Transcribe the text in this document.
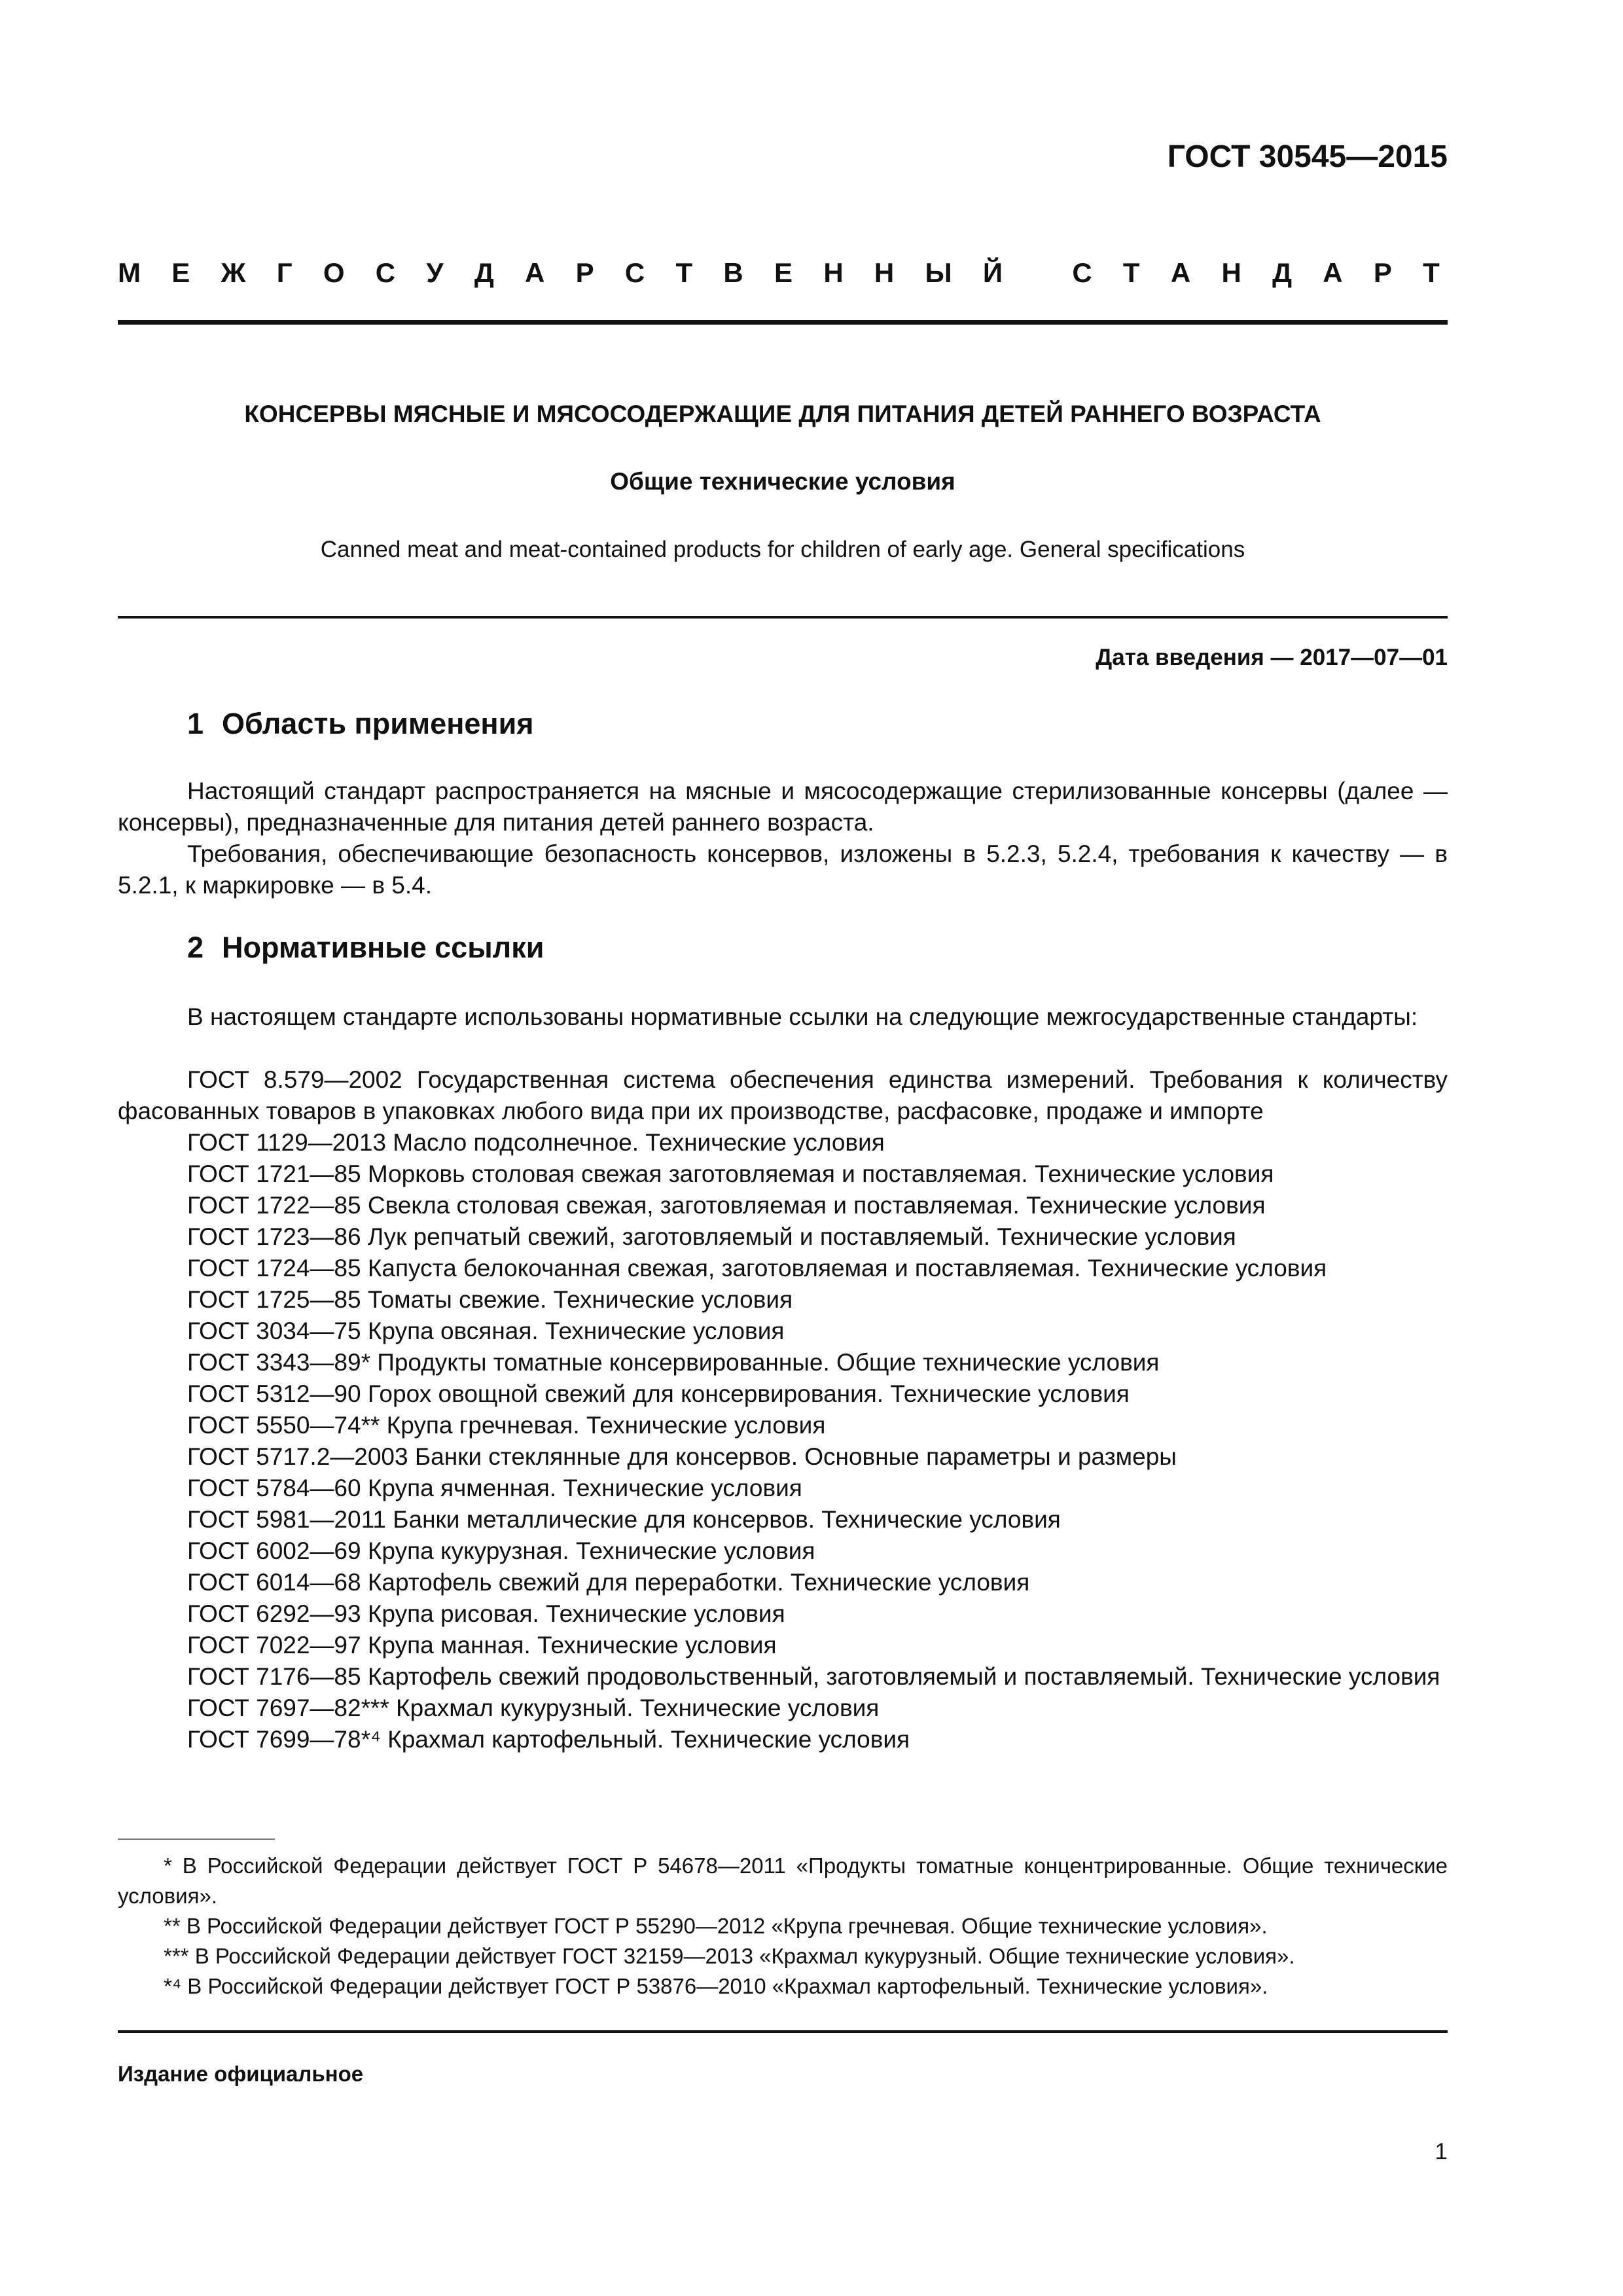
ГОСТ 30545—2015
М Е Ж Г О С У Д А Р С Т В Е Н Н Ы Й
	С Т А Н Д А Р Т
КОНСЕРВЫ МЯСНЫЕ И МЯСОСОДЕРЖАЩИЕ ДЛЯ ПИТАНИЯ ДЕТЕЙ РАННЕГО ВОЗРАСТА
Общие технические условия
Canned meat and meat-contained products for children of early age. General specifications
Дата введения — 2017—07—01
1 Область применения

Настоящий стандарт распространяется на мясные и мясосодержащие стерилизованные консервы (далее — консервы), предназначенные для питания детей раннего возраста.

Требования, обеспечивающие безопасность консервов, изложены в 5.2.3, 5.2.4, требования к качеству — в 5.2.1, к маркировке — в 5.4.

2 Нормативные ссылки

В настоящем стандарте использованы нормативные ссылки на следующие межгосударственные стандарты:

ГОСТ 8.579—2002 Государственная система обеспечения единства измерений. Требования к количеству фасованных товаров в упаковках любого вида при их производстве, расфасовке, продаже и импорте
ГОСТ 1129—2013 Масло подсолнечное. Технические условия
ГОСТ 1721—85 Морковь столовая свежая заготовляемая и поставляемая. Технические условия
ГОСТ 1722—85 Свекла столовая свежая, заготовляемая и поставляемая. Технические условия
ГОСТ 1723—86 Лук репчатый свежий, заготовляемый и поставляемый. Технические условия
ГОСТ 1724—85 Капуста белокочанная свежая, заготовляемая и поставляемая. Технические условия
ГОСТ 1725—85 Томаты свежие. Технические условия
ГОСТ 3034—75 Крупа овсяная. Технические условия
ГОСТ 3343—89* Продукты томатные консервированные. Общие технические условия
ГОСТ 5312—90 Горох овощной свежий для консервирования. Технические условия
ГОСТ 5550—74** Крупа гречневая. Технические условия
ГОСТ 5717.2—2003 Банки стеклянные для консервов. Основные параметры и размеры
ГОСТ 5784—60 Крупа ячменная. Технические условия
ГОСТ 5981—2011 Банки металлические для консервов. Технические условия
ГОСТ 6002—69 Крупа кукурузная. Технические условия
ГОСТ 6014—68 Картофель свежий для переработки. Технические условия
ГОСТ 6292—93 Крупа рисовая. Технические условия
ГОСТ 7022—97 Крупа манная. Технические условия
ГОСТ 7176—85 Картофель свежий продовольственный, заготовляемый и поставляемый. Технические условия
ГОСТ 7697—82*** Крахмал кукурузный. Технические условия
ГОСТ 7699—78*⁴ Крахмал картофельный. Технические условия
* В Российской Федерации действует ГОСТ Р 54678—2011 «Продукты томатные концентрированные. Общие технические условия».
** В Российской Федерации действует ГОСТ Р 55290—2012 «Крупа гречневая. Общие технические условия».
*** В Российской Федерации действует ГОСТ 32159—2013 «Крахмал кукурузный. Общие технические условия».
*⁴ В Российской Федерации действует ГОСТ Р 53876—2010 «Крахмал картофельный. Технические условия».
Издание официальное
1
